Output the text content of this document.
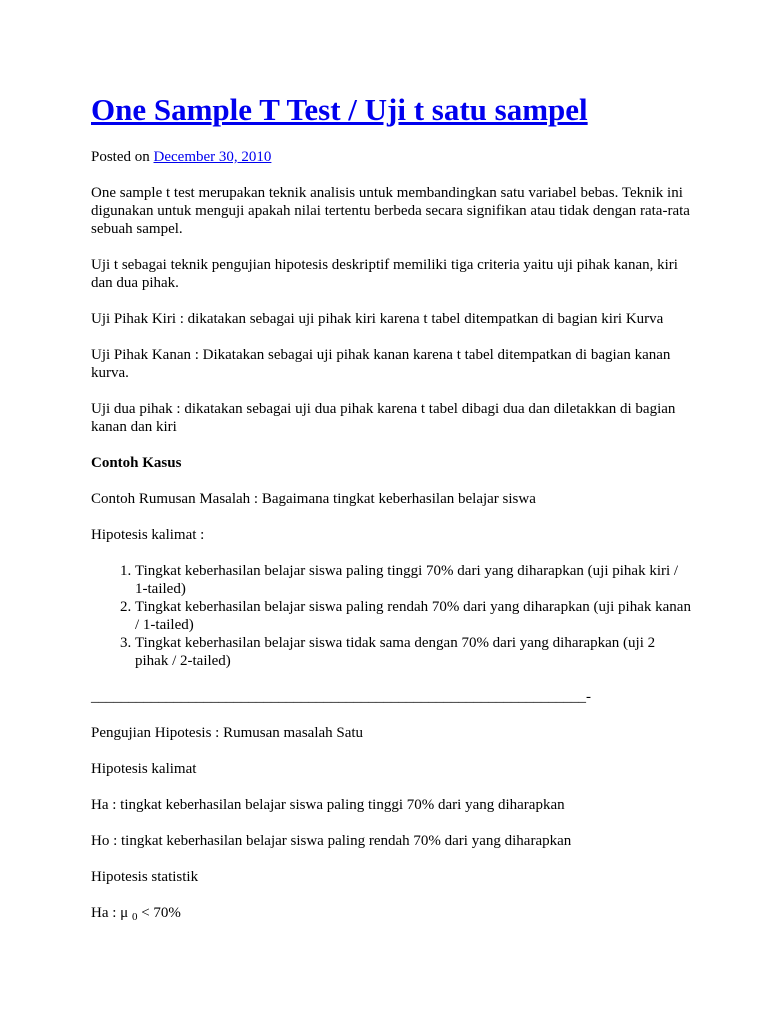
One Sample T Test / Uji t satu sampel

Posted on December 30, 2010

One sample t test merupakan teknik analisis untuk membandingkan satu variabel bebas. Teknik ini digunakan untuk menguji apakah nilai tertentu berbeda secara signifikan atau tidak dengan rata-rata sebuah sampel.

Uji t sebagai teknik pengujian hipotesis deskriptif memiliki tiga criteria yaitu uji pihak kanan, kiri dan dua pihak.

Uji Pihak Kiri : dikatakan sebagai uji pihak kiri karena t tabel ditempatkan di bagian kiri Kurva

Uji Pihak Kanan : Dikatakan sebagai uji pihak kanan karena t tabel ditempatkan di bagian kanan kurva.

Uji dua pihak : dikatakan sebagai uji dua pihak karena t tabel dibagi dua dan diletakkan di bagian kanan dan kiri

Contoh Kasus

Contoh Rumusan Masalah : Bagaimana tingkat keberhasilan belajar siswa

Hipotesis kalimat :

1. Tingkat keberhasilan belajar siswa paling tinggi 70% dari yang diharapkan (uji pihak kiri / 1-tailed)
2. Tingkat keberhasilan belajar siswa paling rendah 70% dari yang diharapkan (uji pihak kanan / 1-tailed)
3. Tingkat keberhasilan belajar siswa tidak sama dengan 70% dari yang diharapkan (uji 2 pihak / 2-tailed)

__________________________________________________________________-

Pengujian Hipotesis : Rumusan masalah Satu

Hipotesis kalimat

Ha : tingkat keberhasilan belajar siswa paling tinggi 70% dari yang diharapkan

Ho : tingkat keberhasilan belajar siswa paling rendah 70% dari yang diharapkan

Hipotesis statistik

Ha : μ $_0$ < 70%
